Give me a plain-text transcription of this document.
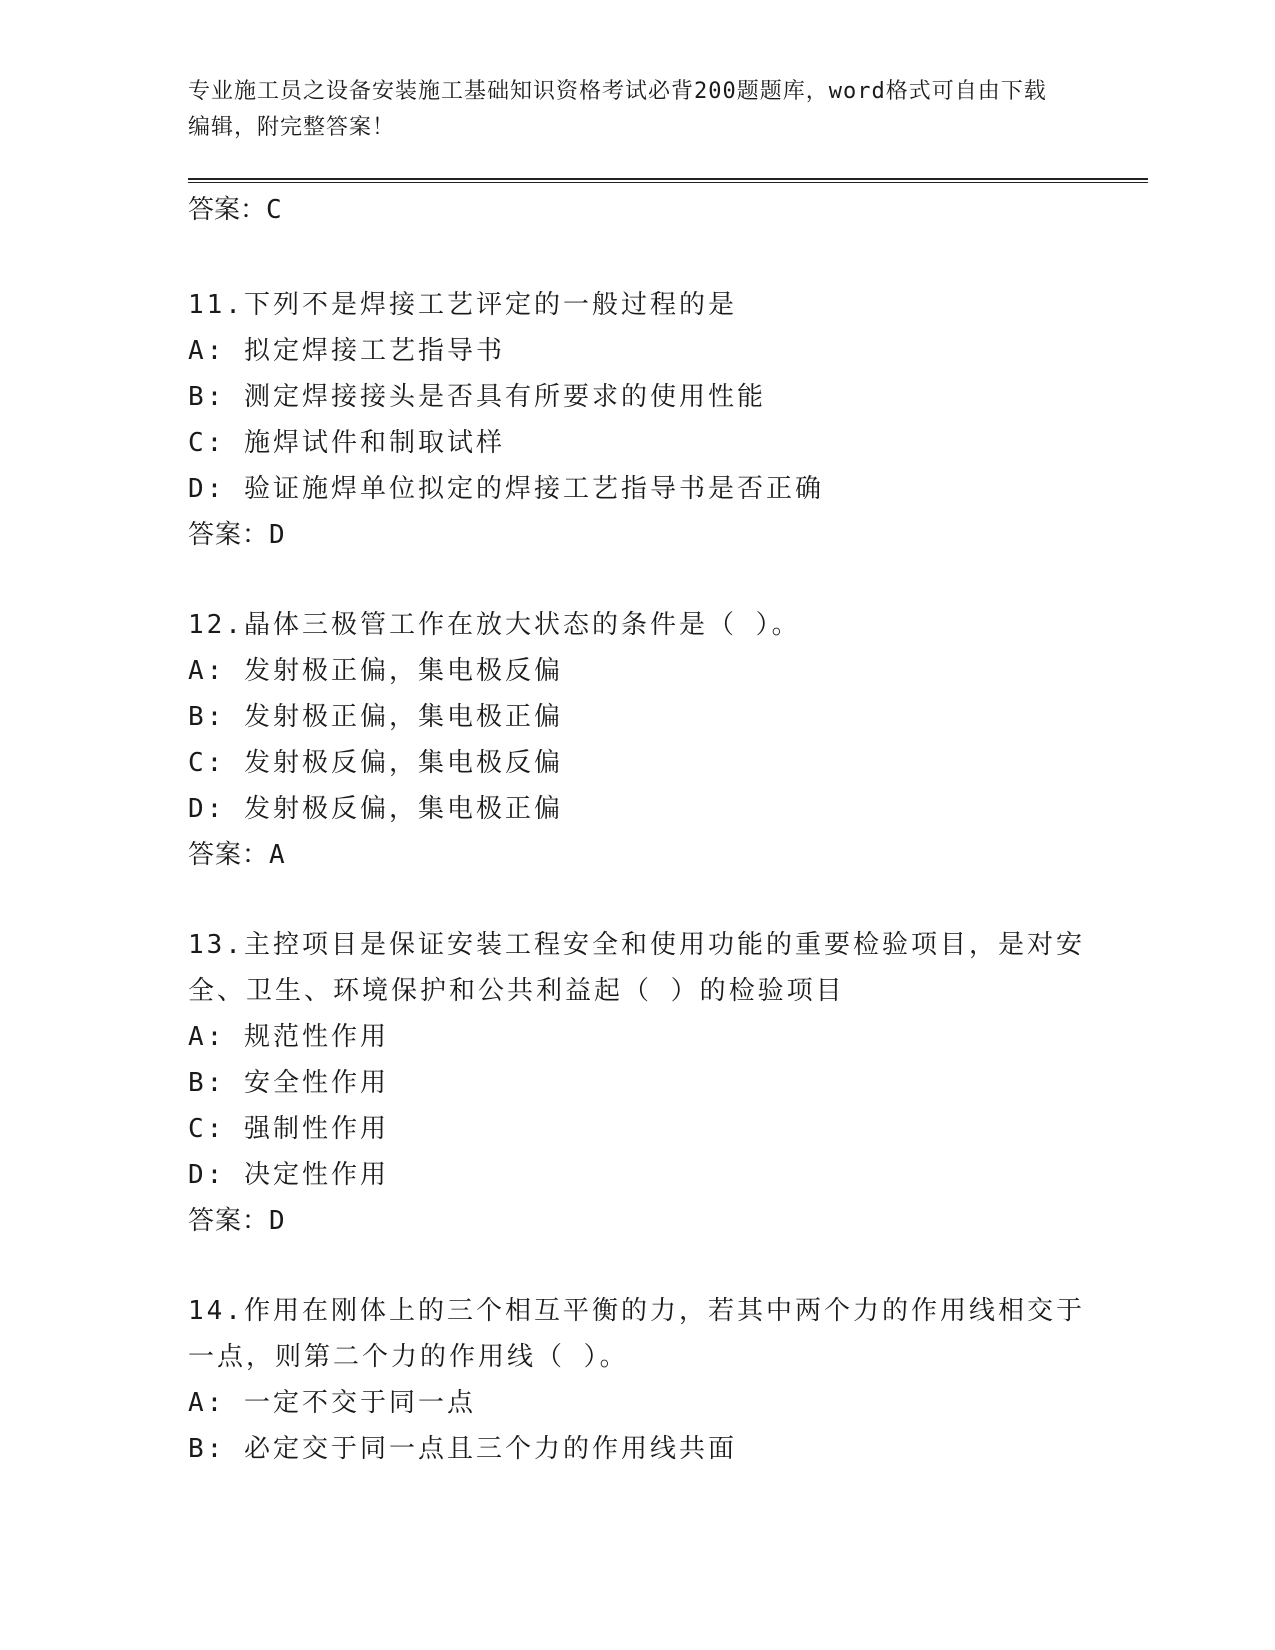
专业施工员之设备安装施工基础知识资格考试必背200题题库，word格式可自由下载编辑，附完整答案！
答案：C

11.下列不是焊接工艺评定的一般过程的是

A: 拟定焊接工艺指导书

B: 测定焊接接头是否具有所要求的使用性能

C: 施焊试件和制取试样

D: 验证施焊单位拟定的焊接工艺指导书是否正确

答案：D

12.晶体三极管工作在放大状态的条件是（ ）。

A: 发射极正偏，集电极反偏

B: 发射极正偏，集电极正偏

C: 发射极反偏，集电极反偏

D: 发射极反偏，集电极正偏

答案：A

13.主控项目是保证安装工程安全和使用功能的重要检验项目，是对安全、卫生、环境保护和公共利益起（ ）的检验项目

A: 规范性作用

B: 安全性作用

C: 强制性作用

D: 决定性作用

答案：D

14.作用在刚体上的三个相互平衡的力，若其中两个力的作用线相交于一点，则第二个力的作用线（ ）。

A: 一定不交于同一点

B: 必定交于同一点且三个力的作用线共面
